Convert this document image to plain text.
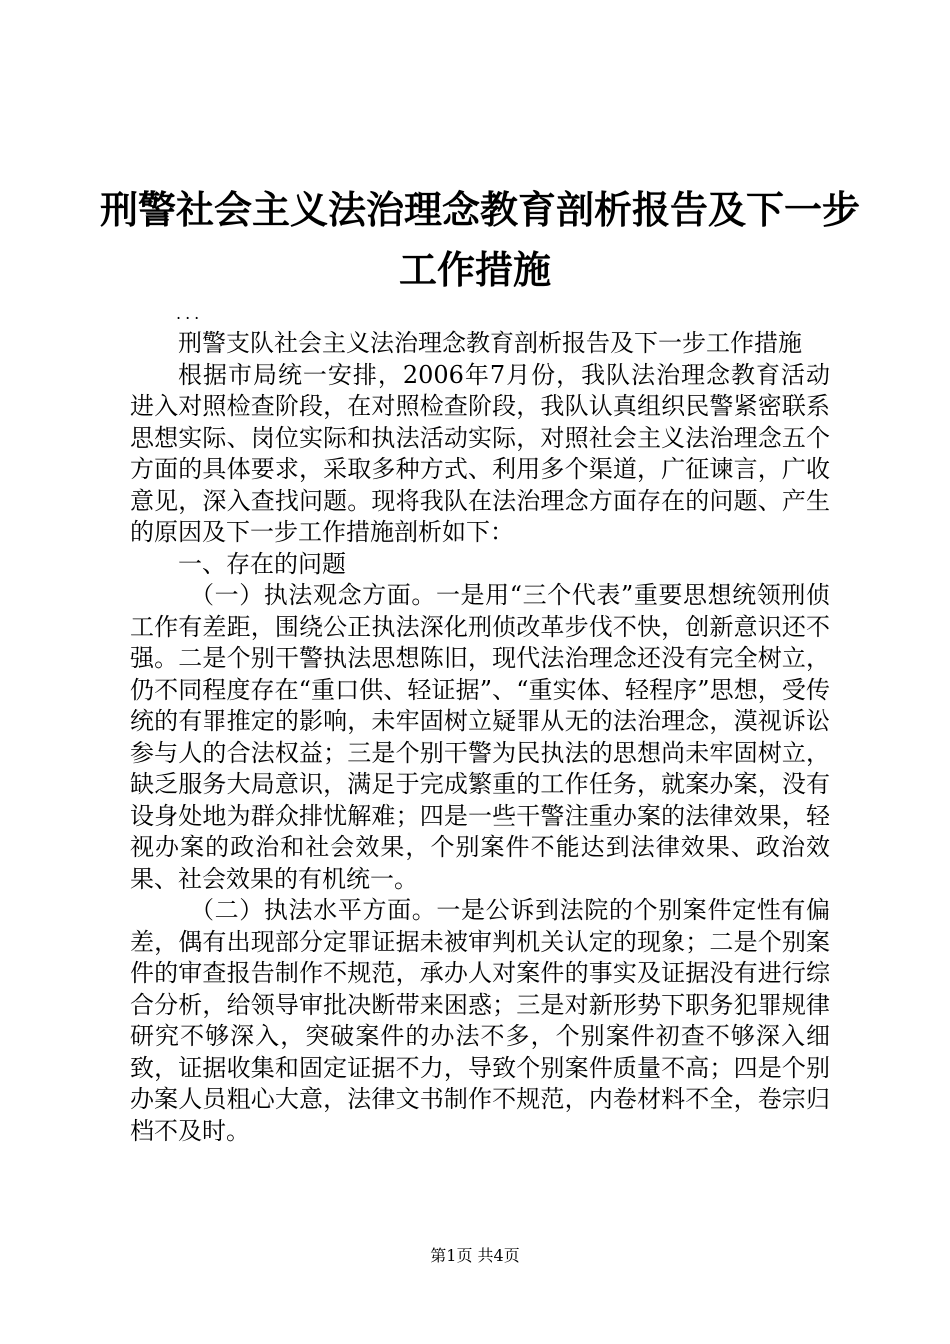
刑警社会主义法治理念教育剖析报告及下一步
工作措施
...

刑警支队社会主义法治理念教育剖析报告及下一步工作措施

根据市局统一安排，2006年7月份，我队法治理念教育活动进入对照检查阶段，在对照检查阶段，我队认真组织民警紧密联系思想实际、岗位实际和执法活动实际，对照社会主义法治理念五个方面的具体要求，采取多种方式、利用多个渠道，广征谏言，广收意见，深入查找问题。现将我队在法治理念方面存在的问题、产生的原因及下一步工作措施剖析如下：

一、存在的问题

（一）执法观念方面。一是用“三个代表”重要思想统领刑侦工作有差距，围绕公正执法深化刑侦改革步伐不快，创新意识还不强。二是个别干警执法思想陈旧，现代法治理念还没有完全树立，仍不同程度存在“重口供、轻证据”、“重实体、轻程序”思想，受传统的有罪推定的影响，未牢固树立疑罪从无的法治理念，漠视诉讼参与人的合法权益；三是个别干警为民执法的思想尚未牢固树立，缺乏服务大局意识，满足于完成繁重的工作任务，就案办案，没有设身处地为群众排忧解难；四是一些干警注重办案的法律效果，轻视办案的政治和社会效果，个别案件不能达到法律效果、政治效果、社会效果的有机统一。

（二）执法水平方面。一是公诉到法院的个别案件定性有偏差，偶有出现部分定罪证据未被审判机关认定的现象；二是个别案件的审查报告制作不规范，承办人对案件的事实及证据没有进行综合分析，给领导审批决断带来困惑；三是对新形势下职务犯罪规律研究不够深入，突破案件的办法不多，个别案件初查不够深入细致，证据收集和固定证据不力，导致个别案件质量不高；四是个别办案人员粗心大意，法律文书制作不规范，内卷材料不全，卷宗归档不及时。

第1页 共4页
